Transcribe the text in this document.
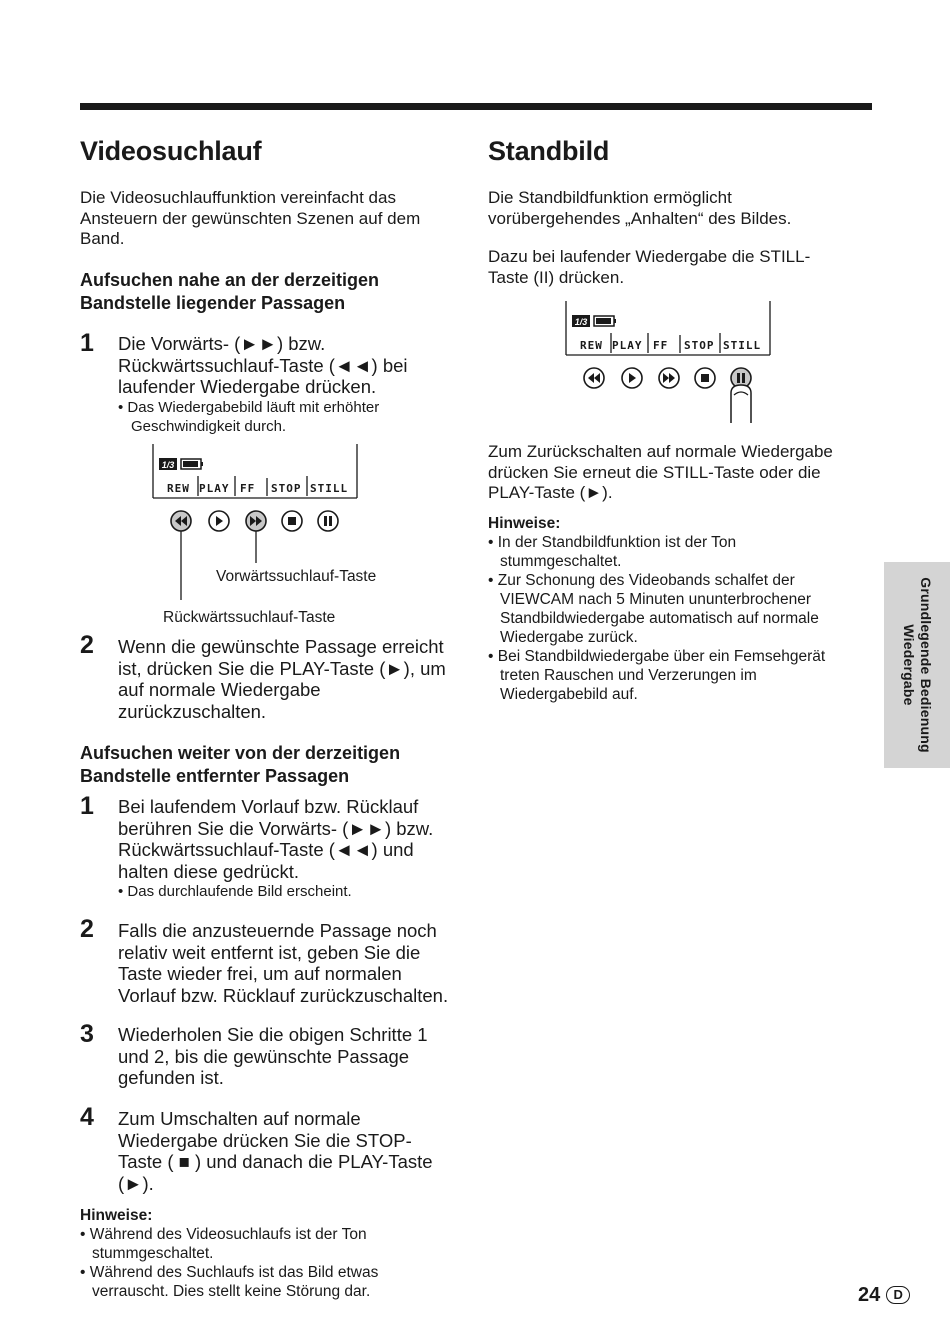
Videosuchlauf

Die Videosuchlauffunktion vereinfacht das Ansteuern der gewünschten Szenen auf dem Band.

Aufsuchen nahe an der derzeitigen

Bandstelle liegender Passagen

1 Die Vorwärts- (►►) bzw.

Rückwärtssuchlauf-Taste (◄◄) bei

laufender Wiedergabe drücken.

• Das Wiedergabebild läuft mit erhöhter

Geschwindigkeit durch.

1/3
REW PLAY FF STOP STILL
Vorwärtssuchlauf-Taste
Rückwärtssuchlauf-Taste
2 Wenn die gewünschte Passage erreicht

ist, drücken Sie die PLAY-Taste (►), um

auf normale Wiedergabe

zurückzuschalten.

Aufsuchen weiter von der derzeitigen

Bandstelle entfernter Passagen

1 Bei laufendem Vorlauf bzw. Rücklauf

berühren Sie die Vorwärts- (►►) bzw.

Rückwärtssuchlauf-Taste (◄◄) und

halten diese gedrückt.

• Das durchlaufende Bild erscheint.

2 Falls die anzusteuernde Passage noch

relativ weit entfernt ist, geben Sie die

Taste wieder frei, um auf normalen

Vorlauf bzw. Rücklauf zurückzuschalten.

3 Wiederholen Sie die obigen Schritte 1

und 2, bis die gewünschte Passage

gefunden ist.

4 Zum Umschalten auf normale

Wiedergabe drücken Sie die STOP-

Taste ( ■ ) und danach die PLAY-Taste

(►).

Hinweise:

• Während des Videosuchlaufs ist der Ton

stummgeschaltet.

• Während des Suchlaufs ist das Bild etwas

verrauscht. Dies stellt keine Störung dar.

Standbild

Die Standbildfunktion ermöglicht

vorübergehendes „Anhalten“ des Bildes.

Dazu bei laufender Wiedergabe die STILL-

Taste (II) drücken.

1/3
REW PLAY FF STOP STILL

Zum Zurückschalten auf normale Wiedergabe

drücken Sie erneut die STILL-Taste oder die

PLAY-Taste (►).

Hinweise:

• In der Standbildfunktion ist der Ton

stummgeschaltet.

• Zur Schonung des Videobands schalfet der

VIEWCAM nach 5 Minuten ununterbrochener

Standbildwiedergabe automatisch auf normale

Wiedergabe zurück.

• Bei Standbildwiedergabe über ein Femsehgerät

treten Rauschen und Verzerungen im

Wiedergabebild auf.	Grundlegende Bedienung
Wiedergabe
24 D
